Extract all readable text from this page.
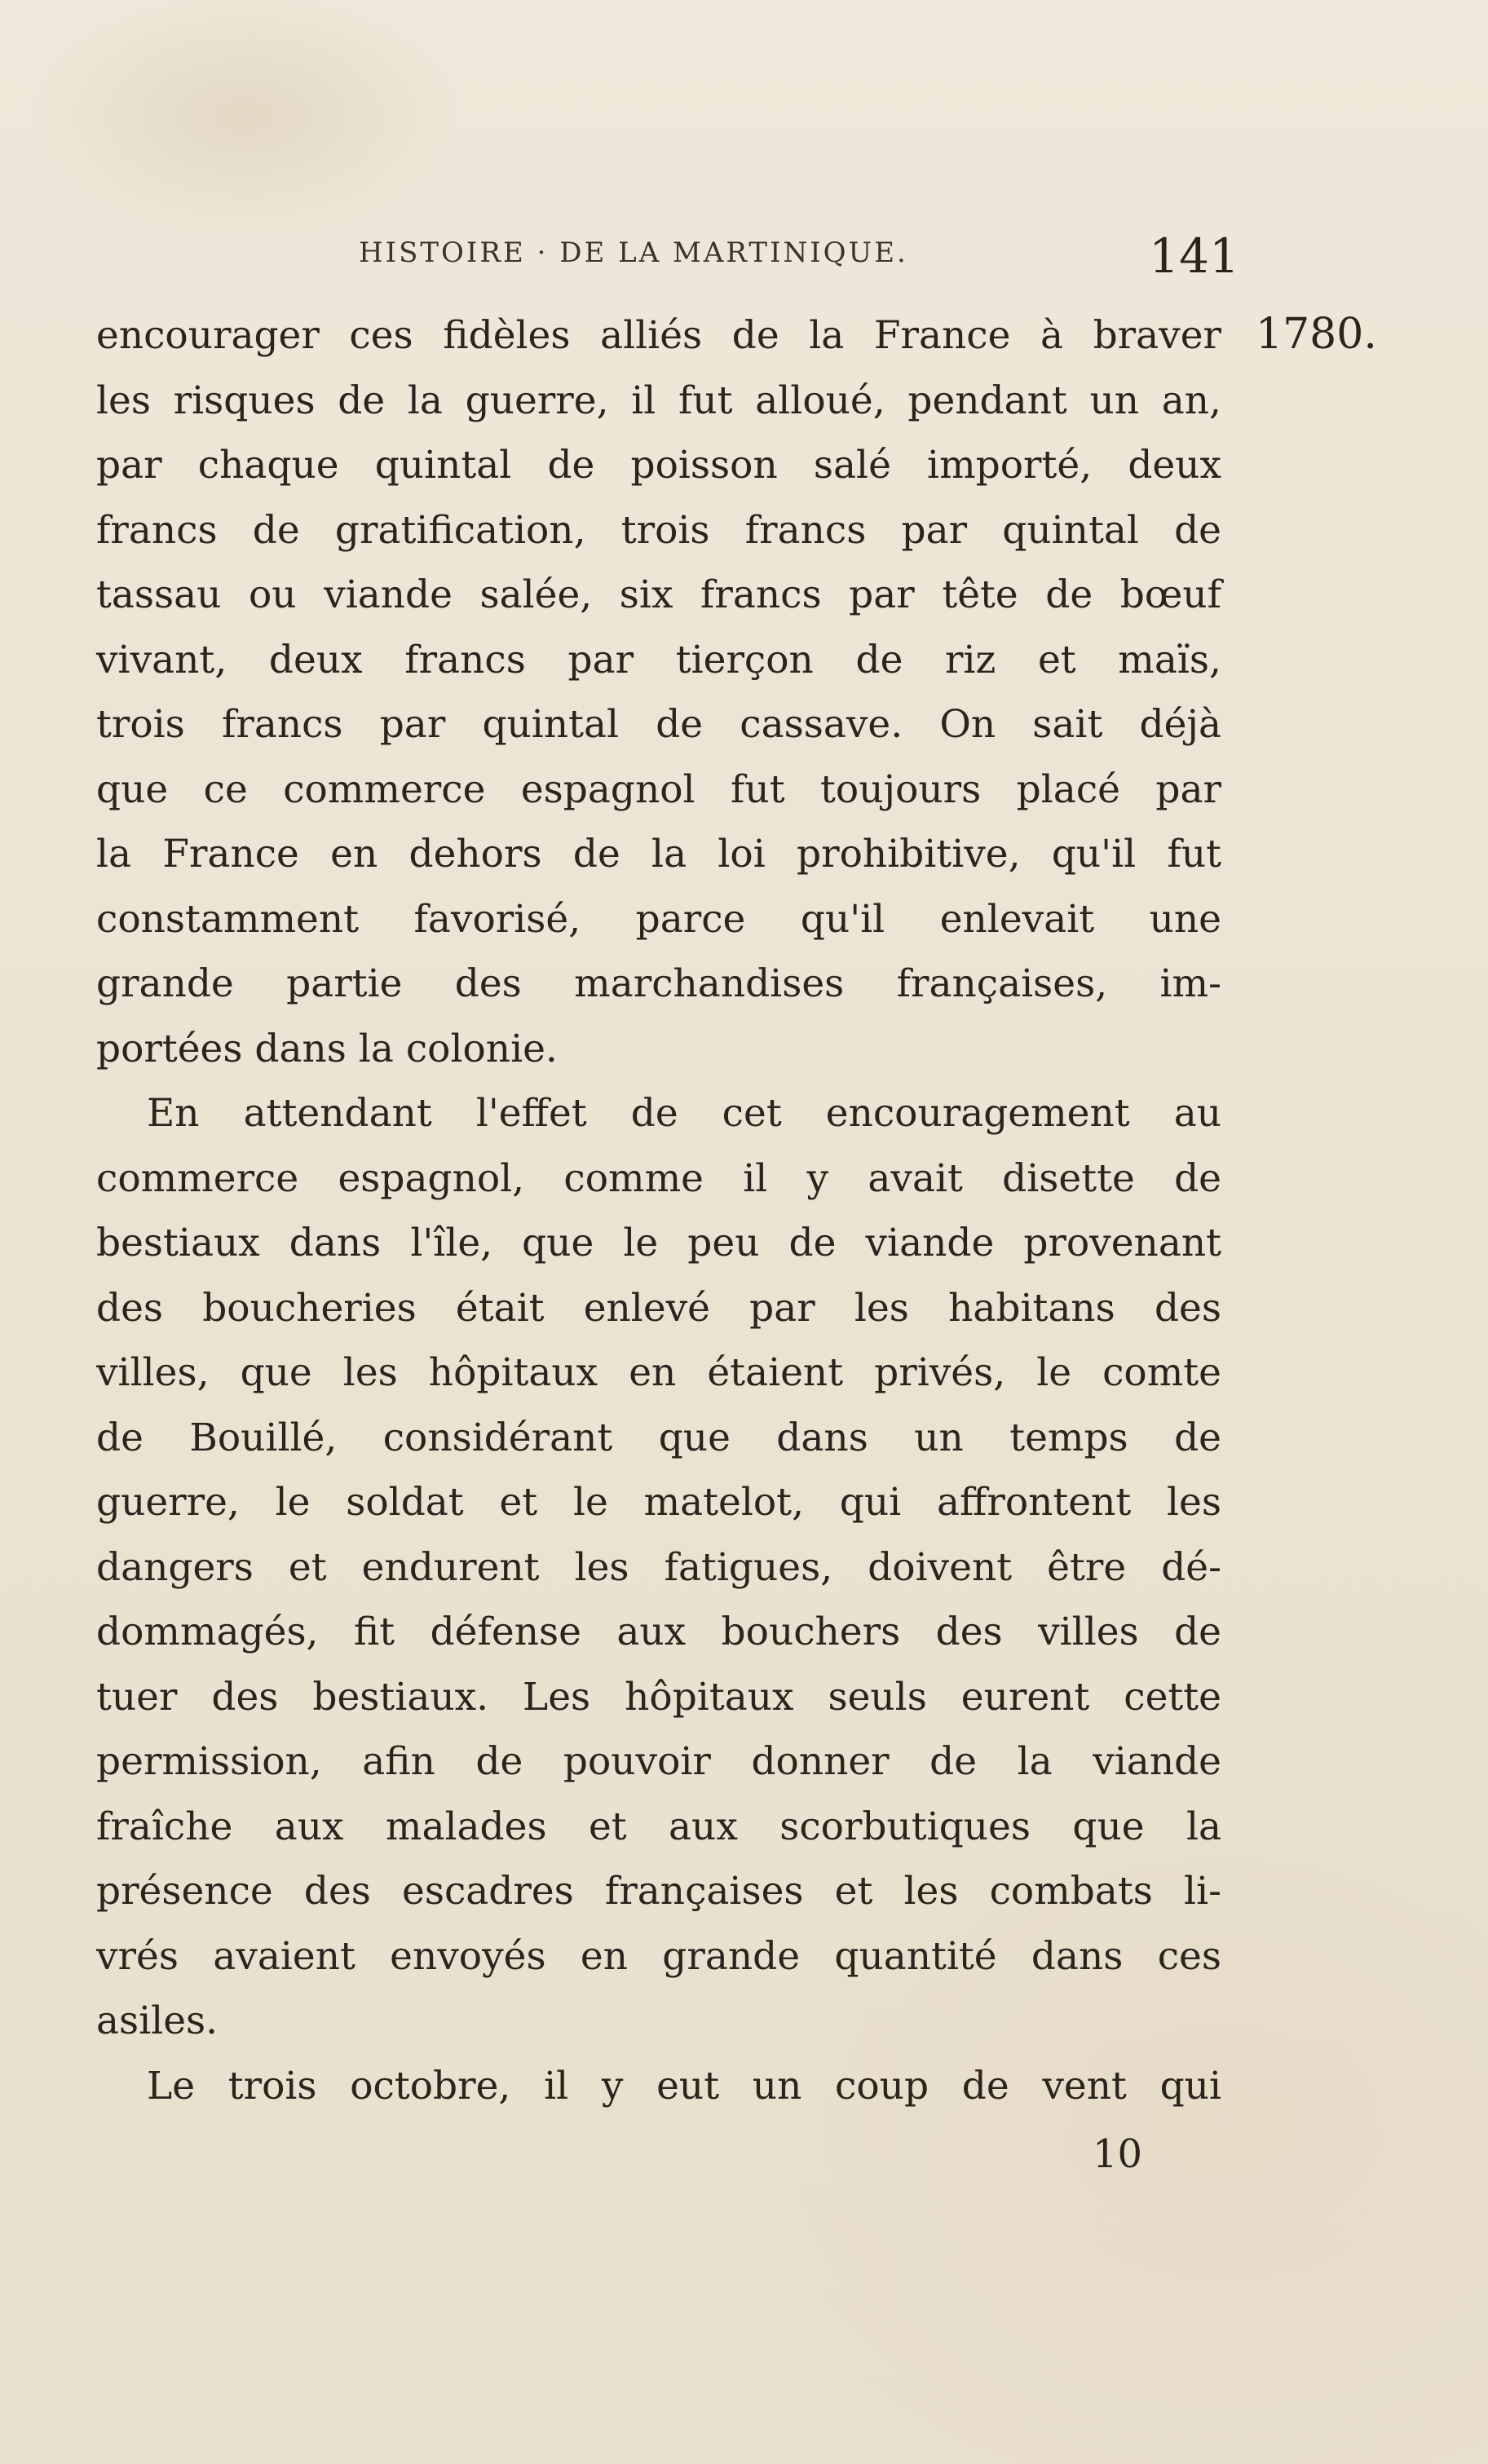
HISTOIRE · DE LA MARTINIQUE.	141
1780.
encourager ces fidèles alliés de la France à braver
les risques de la guerre, il fut alloué, pendant un an,
par chaque quintal de poisson salé importé, deux
francs de gratification, trois francs par quintal de
tassau ou viande salée, six francs par tête de bœuf
vivant, deux francs par tierçon de riz et maïs,
trois francs par quintal de cassave. On sait déjà
que ce commerce espagnol fut toujours placé par
la France en dehors de la loi prohibitive, qu'il fut
constamment favorisé, parce qu'il enlevait une
grande partie des marchandises françaises, im-
portées dans la colonie.
En attendant l'effet de cet encouragement au
commerce espagnol, comme il y avait disette de
bestiaux dans l'île, que le peu de viande provenant
des boucheries était enlevé par les habitans des
villes, que les hôpitaux en étaient privés, le comte
de Bouillé, considérant que dans un temps de
guerre, le soldat et le matelot, qui affrontent les
dangers et endurent les fatigues, doivent être dé-
dommagés, fit défense aux bouchers des villes de
tuer des bestiaux. Les hôpitaux seuls eurent cette
permission, afin de pouvoir donner de la viande
fraîche aux malades et aux scorbutiques que la
présence des escadres françaises et les combats li-
vrés avaient envoyés en grande quantité dans ces
asiles.
Le trois octobre, il y eut un coup de vent qui
10
